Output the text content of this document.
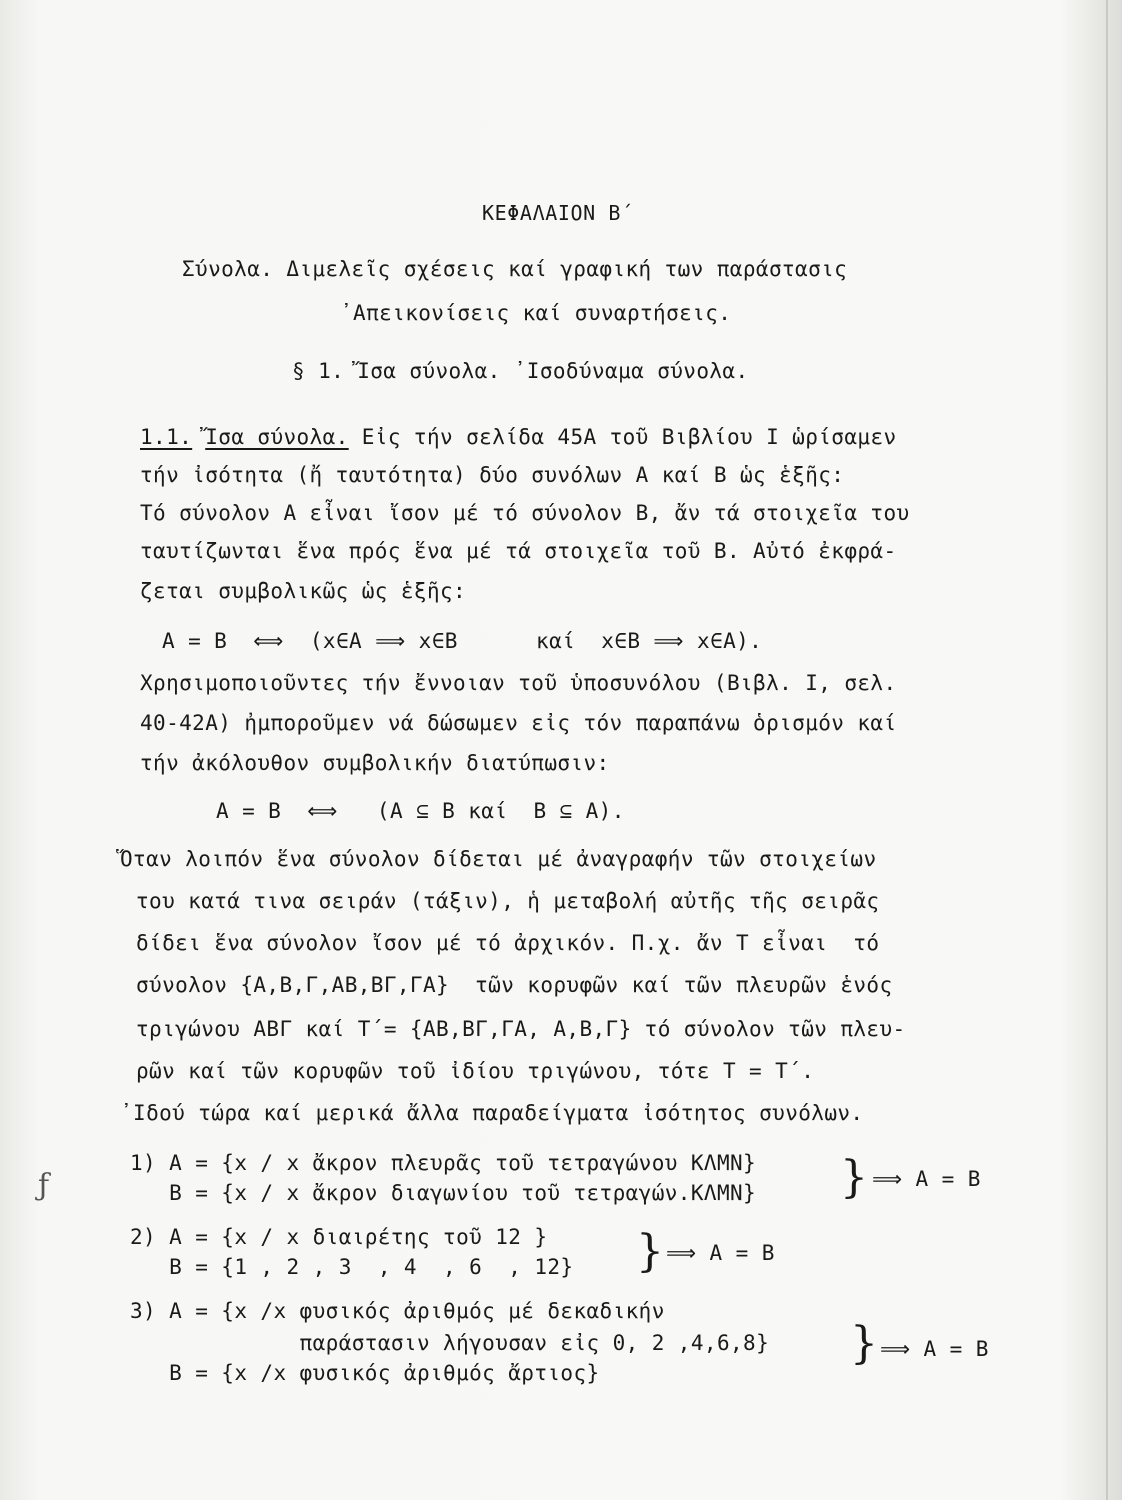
ΚΕΦΑΛΑΙΟΝ Β΄
Σύνολα. Διμελεῖς σχέσεις καί γραφική των παράστασις
᾿Απεικονίσεις καί συναρτήσεις.
§ 1. Ἴσα σύνολα. ᾿Ισοδύναμα σύνολα.
1.1. Ἴσα σύνολα. Εἰς τήν σελίδα 45Α τοῦ Βιβλίου Ι ὡρίσαμεν
τήν ἰσότητα (ἤ ταυτότητα) δύο συνόλων Α καί Β ὡς ἑξῆς:
Τό σύνολον Α εἶναι ἴσον μέ τό σύνολον Β, ἄν τά στοιχεῖα του
ταυτίζωνται ἕνα πρός ἕνα μέ τά στοιχεῖα τοῦ Β. Αὐτό ἐκφρά-
ζεται συμβολικῶς ὡς ἑξῆς:
Α = Β  ⟺  (x∈Α ⟹ x∈Β      καί  x∈Β ⟹ x∈Α).
Χρησιμοποιοῦντες τήν ἔννοιαν τοῦ ὑποσυνόλου (Βιβλ. Ι, σελ.
40-42Α) ἠμποροῦμεν νά δώσωμεν εἰς τόν παραπάνω ὁρισμόν καί
τήν ἀκόλουθον συμβολικήν διατύπωσιν:
Α = Β  ⟺   (Α ⊆ Β καί  Β ⊆ Α).
Ὅταν λοιπόν ἕνα σύνολον δίδεται μέ ἀναγραφήν τῶν στοιχείων
του κατά τινα σειράν (τάξιν), ἡ μεταβολή αὐτῆς τῆς σειρᾶς
δίδει ἕνα σύνολον ἴσον μέ τό ἀρχικόν. Π.χ. ἄν Τ εἶναι  τό
σύνολον {Α,Β,Γ,ΑΒ,ΒΓ,ΓΑ}  τῶν κορυφῶν καί τῶν πλευρῶν ἑνός
τριγώνου ΑΒΓ καί Τ΄= {ΑΒ,ΒΓ,ΓΑ, Α,Β,Γ} τό σύνολον τῶν πλευ-
ρῶν καί τῶν κορυφῶν τοῦ ἰδίου τριγώνου, τότε Τ = Τ΄.
᾿Ιδού τώρα καί μερικά ἄλλα παραδείγματα ἰσότητος συνόλων.
ƒ
1) Α = {x / x ἄκρον πλευρᾶς τοῦ τετραγώνου ΚΛΜΝ}
Β = {x / x ἄκρον διαγωνίου τοῦ τετραγών.ΚΛΜΝ} } ⟹ Α = Β
2) Α = {x / x διαιρέτης τοῦ 12 }
Β = {1 , 2 , 3  , 4  , 6  , 12} } ⟹ Α = Β
3) Α = {x /x φυσικός ἀριθμός μέ δεκαδικήν
παράστασιν λήγουσαν εἰς 0, 2 ,4,6,8}
Β = {x /x φυσικός ἀριθμός ἄρτιος}
} ⟹ Α = Β
